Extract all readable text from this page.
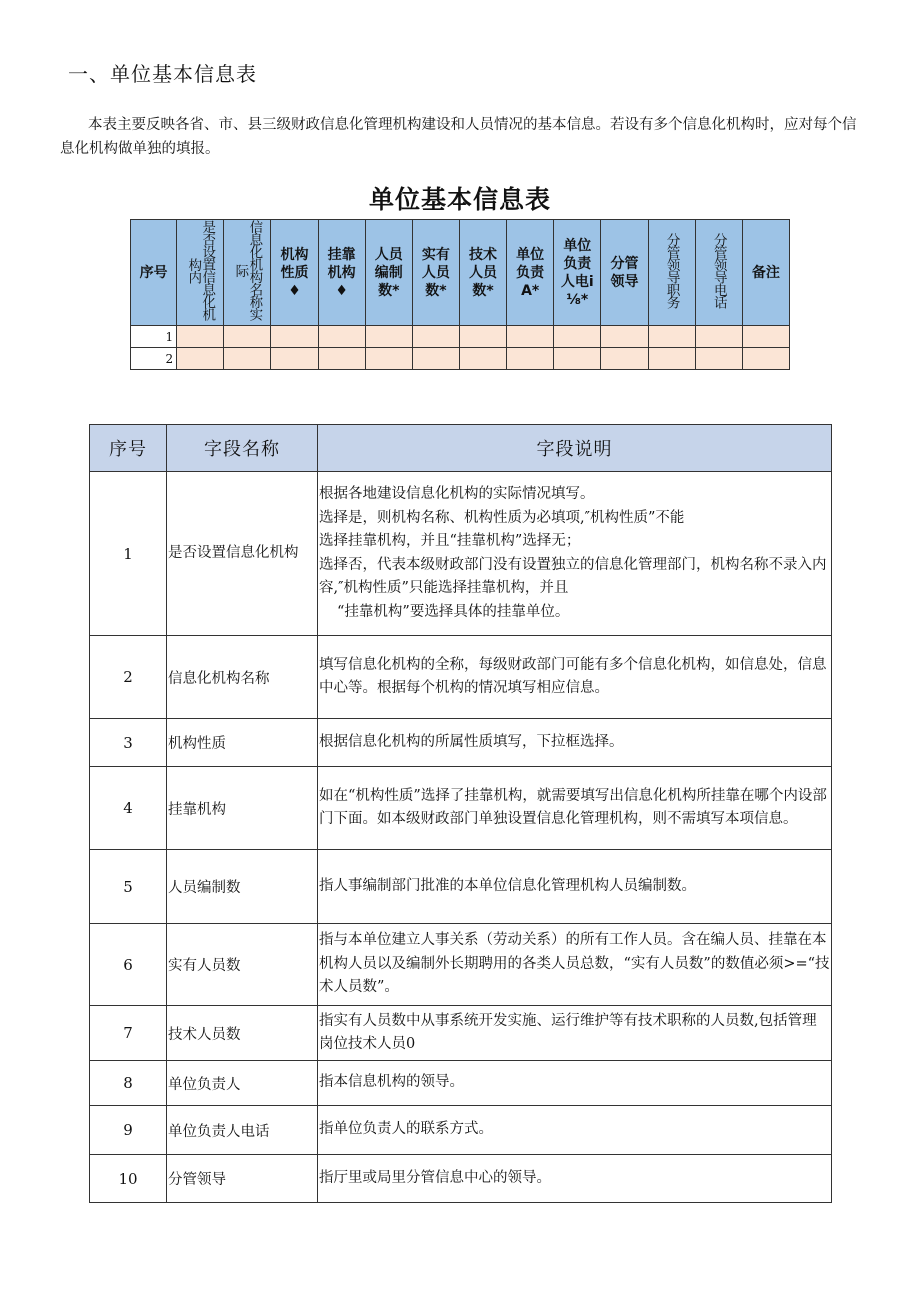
一、单位基本信息表
本表主要反映各省、市、县三级财政信息化管理机构建设和人员情况的基本信息。若设有多个信息化机构时，应对每个信息化机构做单独的填报。
单位基本信息表
序号	是否设置信息化机构内	信息化机构名称实际	机构性质♦	挂靠机构♦	人员编制数*	实有人员数*	技术人员数*	单位负责A*	单位负责人电i⅛*	分管领导	分管领导职务	分管领导电话	备注
1													
2													
序号	字段名称	字段说明
1	是否设置信息化机构	根据各地建设信息化机构的实际情况填写。
选择是，则机构名称、机构性质为必填项,″机构性质”不能
选择挂靠机构，并且“挂靠机构”选择无；
选择否，代表本级财政部门没有设置独立的信息化管理部门，机构名称不录入内容,″机构性质”只能选择挂靠机构，并且
“挂靠机构”要选择具体的挂靠单位。

2	信息化机构名称	填写信息化机构的全称，每级财政部门可能有多个信息化机构，如信息处，信息中心等。根据每个机构的情况填写相应信息。
3	机构性质	根据信息化机构的所属性质填写，下拉框选择。
4	挂靠机构	如在“机构性质”选择了挂靠机构，就需要填写出信息化机构所挂靠在哪个内设部门下面。如本级财政部门单独设置信息化管理机构，则不需填写本项信息。
5	人员编制数	指人事编制部门批准的本单位信息化管理机构人员编制数。
6	实有人员数	指与本单位建立人事关系（劳动关系）的所有工作人员。含在编人员、挂靠在本机构人员以及编制外长期聘用的各类人员总数，“实有人员数”的数值必须>=“技术人员数”。
7	技术人员数	指实有人员数中从事系统开发实施、运行维护等有技术职称的人员数,包括管理岗位技术人员0
8	单位负责人	指本信息机构的领导。
9	单位负责人电话	指单位负责人的联系方式。
10	分管领导	指厅里或局里分管信息中心的领导。
